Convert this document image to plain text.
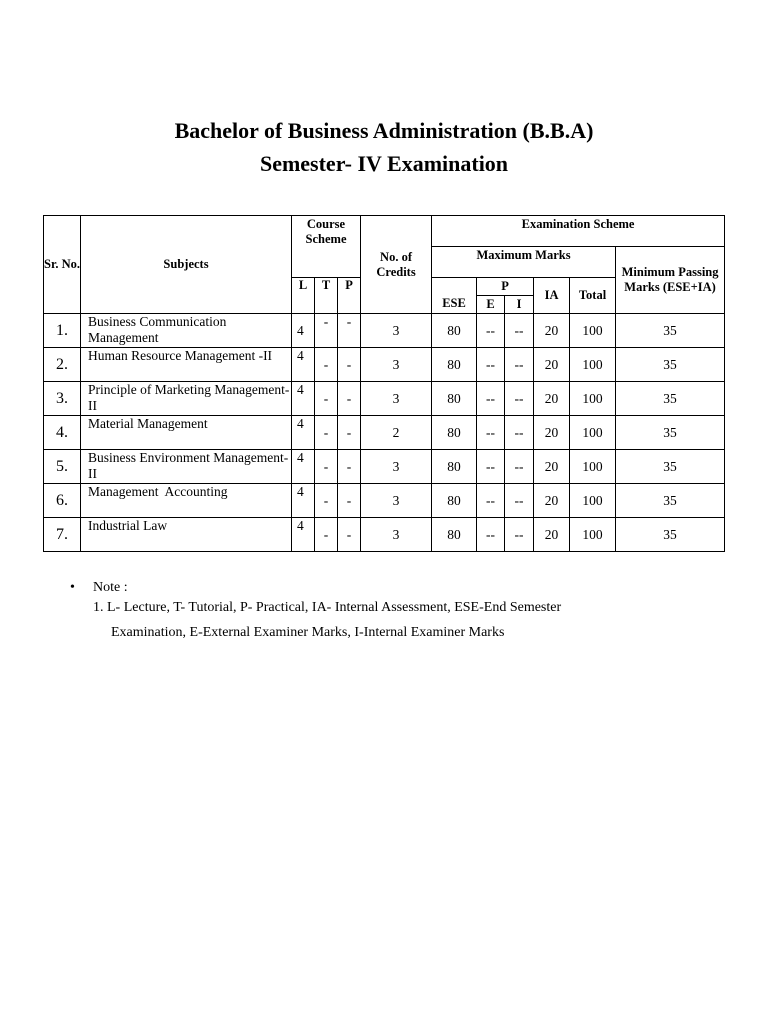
Bachelor of Business Administration (B.B.A)
Semester- IV Examination
Sr. No.	Subjects	Course Scheme			No. of Credits	Examination Scheme					
						Maximum Marks					Minimum Passing Marks (ESE+IA)
		L	T	P		ESE	P		IA	Total	
							E	I			
1.	Business Communication Management	4	-	-	3	80	--	--	20	100	35
2.	Human Resource Management -II	4	-	-	3	80	--	--	20	100	35
3.	Principle of Marketing Management-II	4	-	-	3	80	--	--	20	100	35
4.	Material Management	4	-	-	2	80	--	--	20	100	35
5.	Business Environment Management-II	4	-	-	3	80	--	--	20	100	35
6.	Management  Accounting	4	-	-	3	80	--	--	20	100	35
7.	Industrial Law	4	-	-	3	80	--	--	20	100	35
• Note :
1. L- Lecture, T- Tutorial, P- Practical, IA- Internal Assessment, ESE-End Semester
Examination, E-External Examiner Marks, I-Internal Examiner Marks
